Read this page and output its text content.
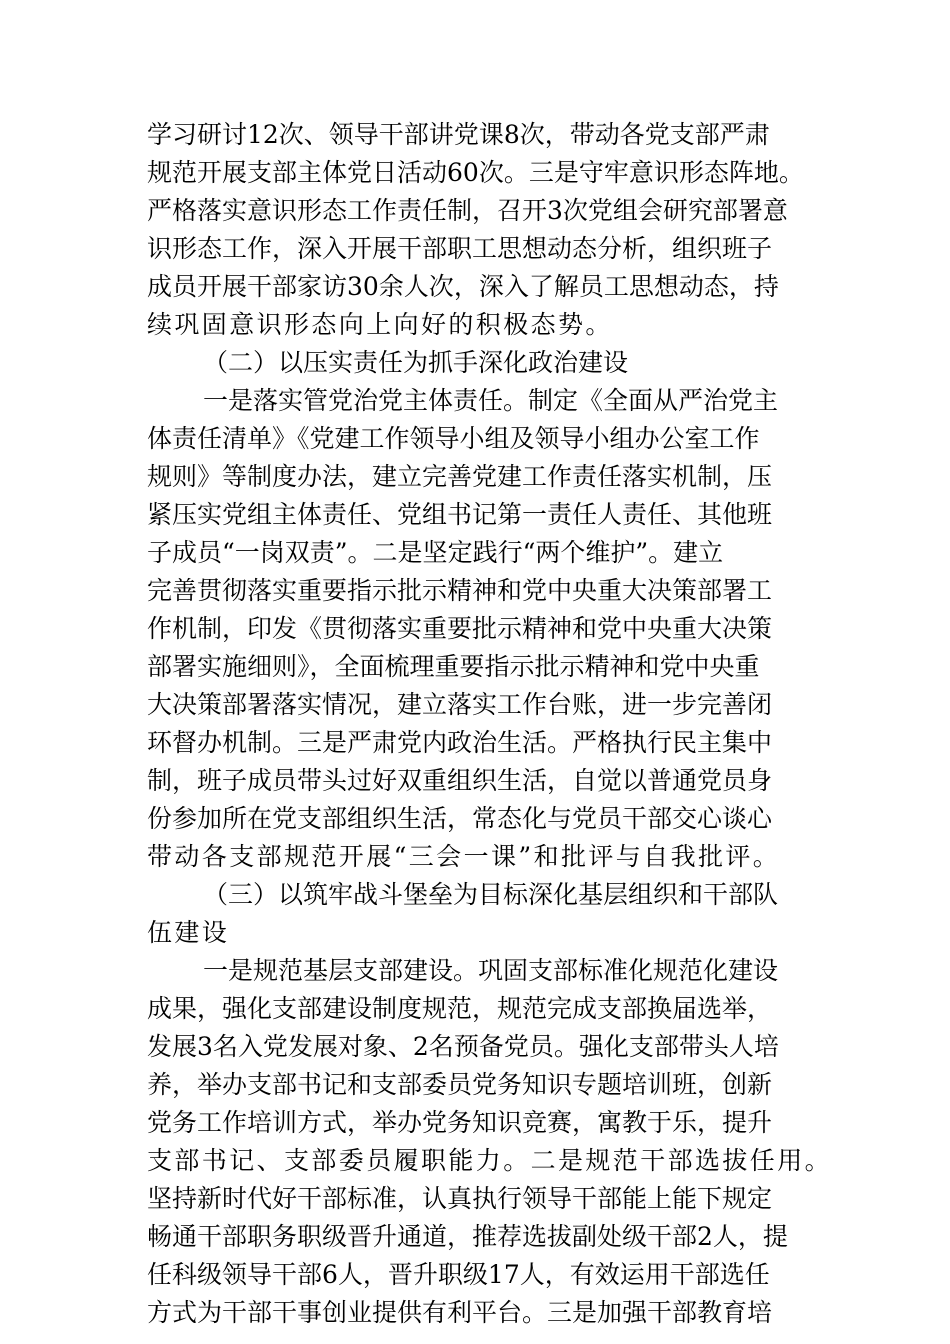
学习研讨12次、领导干部讲党课8次，带动各党支部严肃
规范开展支部主体党日活动60次。三是守牢意识形态阵地。
严格落实意识形态工作责任制，召开3次党组会研究部署意
识形态工作，深入开展干部职工思想动态分析，组织班子
成员开展干部家访30余人次，深入了解员工思想动态，持
续巩固意识形态向上向好的积极态势。
（二）以压实责任为抓手深化政治建设
一是落实管党治党主体责任。制定《全面从严治党主
体责任清单》《党建工作领导小组及领导小组办公室工作
规则》等制度办法，建立完善党建工作责任落实机制，压
紧压实党组主体责任、党组书记第一责任人责任、其他班
子成员“一岗双责”。二是坚定践行“两个维护”。建立
完善贯彻落实重要指示批示精神和党中央重大决策部署工
作机制，印发《贯彻落实重要批示精神和党中央重大决策
部署实施细则》，全面梳理重要指示批示精神和党中央重
大决策部署落实情况，建立落实工作台账，进一步完善闭
环督办机制。三是严肃党内政治生活。严格执行民主集中
制，班子成员带头过好双重组织生活，自觉以普通党员身
份参加所在党支部组织生活，常态化与党员干部交心谈心
带动各支部规范开展“三会一课”和批评与自我批评。
（三）以筑牢战斗堡垒为目标深化基层组织和干部队
伍建设
一是规范基层支部建设。巩固支部标准化规范化建设
成果，强化支部建设制度规范，规范完成支部换届选举，
发展3名入党发展对象、2名预备党员。强化支部带头人培
养，举办支部书记和支部委员党务知识专题培训班，创新
党务工作培训方式，举办党务知识竞赛，寓教于乐，提升
支部书记、支部委员履职能力。二是规范干部选拔任用。
坚持新时代好干部标准，认真执行领导干部能上能下规定
畅通干部职务职级晋升通道，推荐选拔副处级干部2人，提
任科级领导干部6人，晋升职级17人，有效运用干部选任
方式为干部干事创业提供有利平台。三是加强干部教育培
